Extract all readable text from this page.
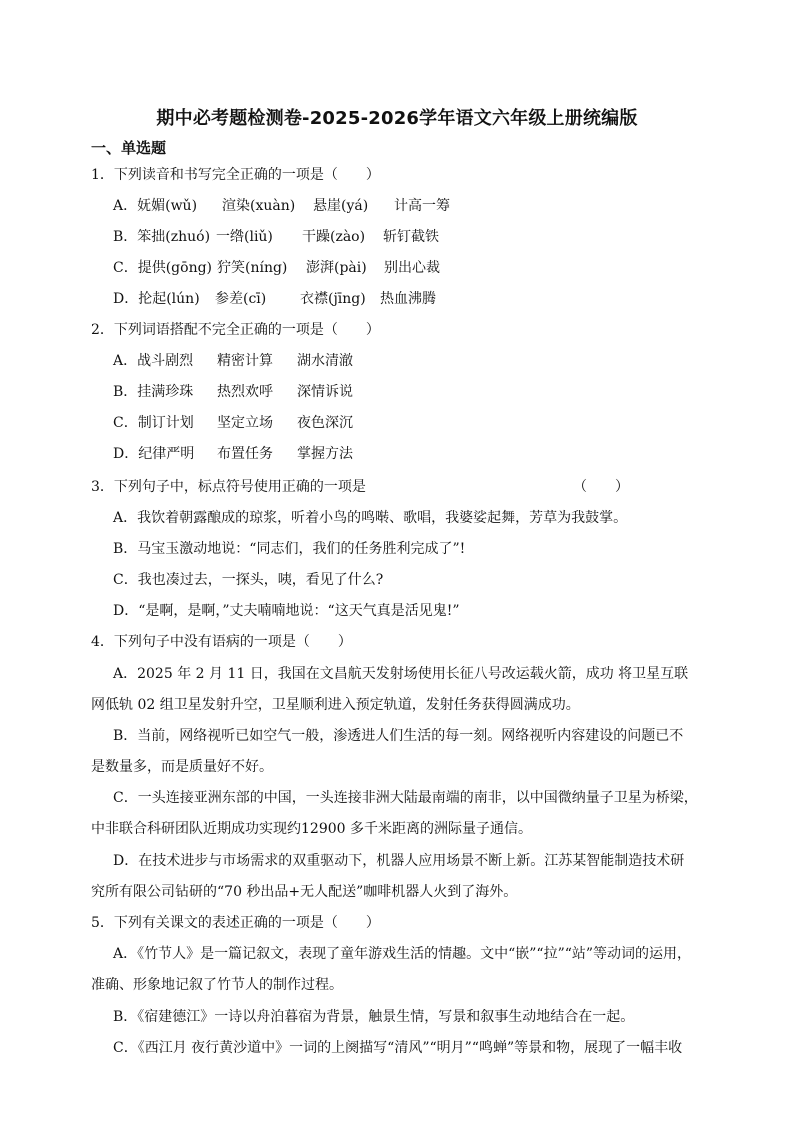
期中必考题检测卷-2025-2026学年语文六年级上册统编版
一、单选题
1．下列读音和书写完全正确的一项是（　　）
A．妩媚(wǔ) 渲染(xuàn) 悬崖(yá) 计高一筹
B．笨拙(zhuó) 一绺(liǔ) 干躁(zào) 斩钉截铁
C．提供(gōng) 狞笑(níng) 澎湃(pài) 别出心裁
D．抡起(lún) 参差(cī) 衣襟(jīng) 热血沸腾
2．下列词语搭配不完全正确的一项是（　　）
A．战斗剧烈 精密计算 湖水清澈
B．挂满珍珠 热烈欢呼 深情诉说
C．制订计划 坚定立场 夜色深沉
D．纪律严明 布置任务 掌握方法
3．下列句子中，标点符号使用正确的一项是	（　　）
A．我饮着朝露酿成的琼浆，听着小鸟的鸣啭、歌唱，我婆娑起舞，芳草为我鼓掌。
B．马宝玉激动地说：“同志们，我们的任务胜利完成了”!
C．我也凑过去，一探头，咦，看见了什么?
D．“是啊，是啊，”丈夫喃喃地说：“这天气真是活见鬼!”
4．下列句子中没有语病的一项是（　　）
A．2025 年 2 月 11 日，我国在文昌航天发射场使用长征八号改运载火箭，成功 将卫星互联
网低轨 02 组卫星发射升空，卫星顺利进入预定轨道，发射任务获得圆满成功。
B．当前，网络视听已如空气一般，渗透进人们生活的每一刻。网络视听内容建设的问题已不
是数量多，而是质量好不好。
C．一头连接亚洲东部的中国，一头连接非洲大陆最南端的南非，以中国微纳量子卫星为桥梁，
中非联合科研团队近期成功实现约12900 多千米距离的洲际量子通信。
D．在技术进步与市场需求的双重驱动下，机器人应用场景不断上新。江苏某智能制造技术研
究所有限公司钻研的“70 秒出品+无人配送”咖啡机器人火到了海外。
5．下列有关课文的表述正确的一项是（　　）
A．《竹节人》是一篇记叙文，表现了童年游戏生活的情趣。文中“嵌”“拉”“站”等动词的运用，
准确、形象地记叙了竹节人的制作过程。
B．《宿建德江》一诗以舟泊暮宿为背景，触景生情，写景和叙事生动地结合在一起。
C．《西江月 夜行黄沙道中》一词的上阕描写“清风”“明月”“鸣蝉”等景和物，展现了一幅丰收
